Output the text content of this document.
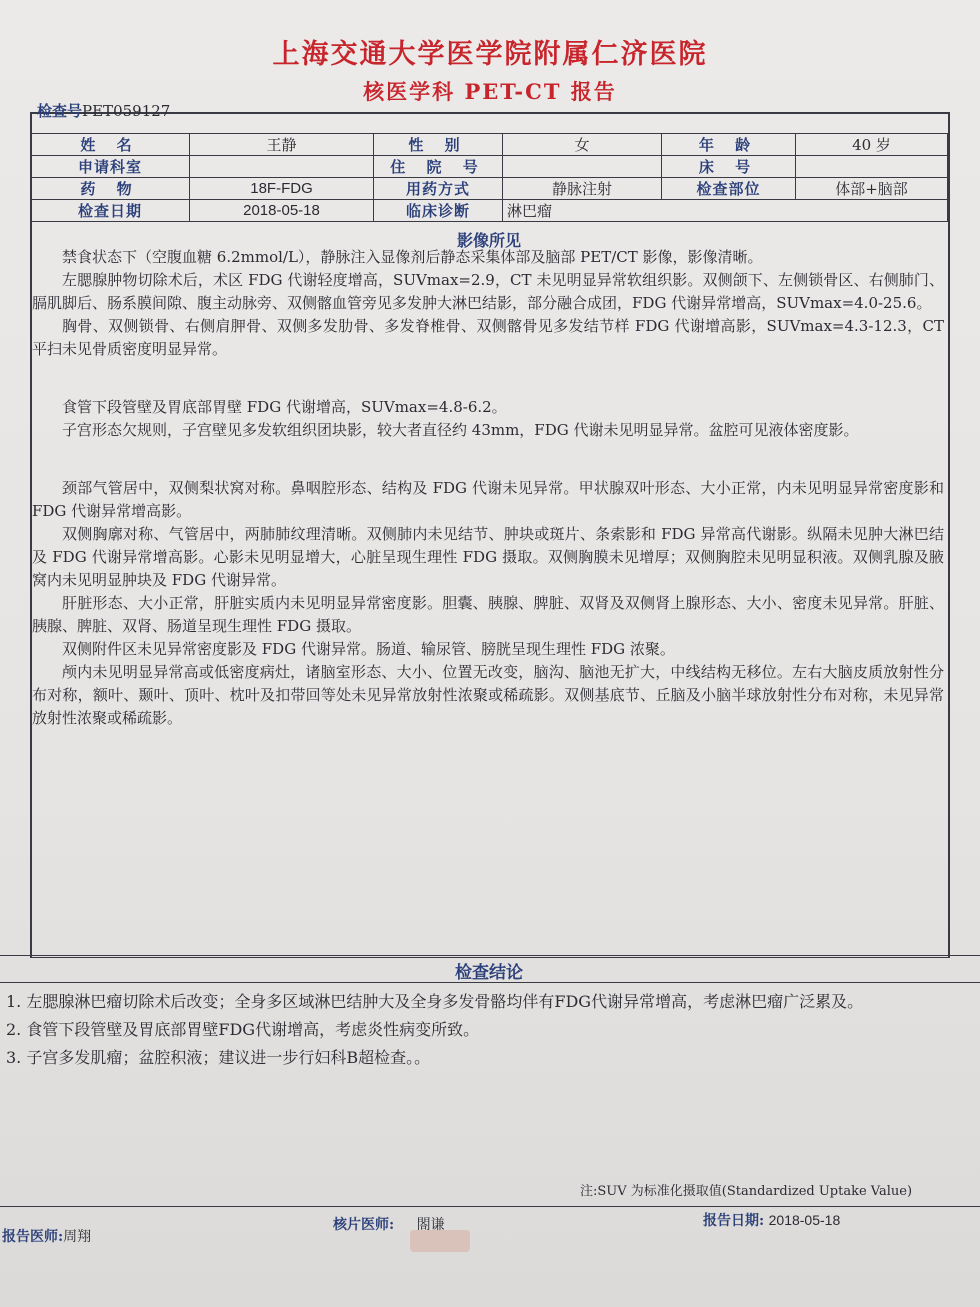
上海交通大学医学院附属仁济医院
核医学科 PET-CT 报告
检查号PET059127
姓 名	王静	性 别	女	年 龄	40 岁
申请科室		住 院 号		床 号	
药 物	18F-FDG	用药方式	静脉注射	检查部位	体部+脑部
检查日期	2018-05-18	临床诊断	淋巴瘤		
影像所见

禁食状态下（空腹血糖 6.2mmol/L），静脉注入显像剂后静态采集体部及脑部 PET/CT 影像，影像清晰。

左腮腺肿物切除术后，术区 FDG 代谢轻度增高，SUVmax=2.9，CT 未见明显异常软组织影。双侧颌下、左侧锁骨区、右侧肺门、膈肌脚后、肠系膜间隙、腹主动脉旁、双侧髂血管旁见多发肿大淋巴结影，部分融合成团，FDG 代谢异常增高，SUVmax=4.0-25.6。

胸骨、双侧锁骨、右侧肩胛骨、双侧多发肋骨、多发脊椎骨、双侧髂骨见多发结节样 FDG 代谢增高影，SUVmax=4.3-12.3，CT 平扫未见骨质密度明显异常。

食管下段管壁及胃底部胃壁 FDG 代谢增高，SUVmax=4.8-6.2。

子宫形态欠规则，子宫壁见多发软组织团块影，较大者直径约 43mm，FDG 代谢未见明显异常。盆腔可见液体密度影。

颈部气管居中，双侧梨状窝对称。鼻咽腔形态、结构及 FDG 代谢未见异常。甲状腺双叶形态、大小正常，内未见明显异常密度影和 FDG 代谢异常增高影。

双侧胸廓对称、气管居中，两肺肺纹理清晰。双侧肺内未见结节、肿块或斑片、条索影和 FDG 异常高代谢影。纵隔未见肿大淋巴结及 FDG 代谢异常增高影。心影未见明显增大，心脏呈现生理性 FDG 摄取。双侧胸膜未见增厚；双侧胸腔未见明显积液。双侧乳腺及腋窝内未见明显肿块及 FDG 代谢异常。

肝脏形态、大小正常，肝脏实质内未见明显异常密度影。胆囊、胰腺、脾脏、双肾及双侧肾上腺形态、大小、密度未见异常。肝脏、胰腺、脾脏、双肾、肠道呈现生理性 FDG 摄取。

双侧附件区未见异常密度影及 FDG 代谢异常。肠道、输尿管、膀胱呈现生理性 FDG 浓聚。

颅内未见明显异常高或低密度病灶，诸脑室形态、大小、位置无改变，脑沟、脑池无扩大，中线结构无移位。左右大脑皮质放射性分布对称，额叶、颞叶、顶叶、枕叶及扣带回等处未见异常放射性浓聚或稀疏影。双侧基底节、丘脑及小脑半球放射性分布对称，未见异常放射性浓聚或稀疏影。

检查结论
1. 左腮腺淋巴瘤切除术后改变；全身多区域淋巴结肿大及全身多发骨骼均伴有FDG代谢异常增高，考虑淋巴瘤广泛累及。
2. 食管下段管壁及胃底部胃壁FDG代谢增高，考虑炎性病变所致。
3. 子宫多发肌瘤；盆腔积液；建议进一步行妇科B超检查。。
注:SUV 为标准化摄取值(Standardized Uptake Value)
报告医师:周翔
核片医师: 閤谦	报告日期: 2018-05-18
